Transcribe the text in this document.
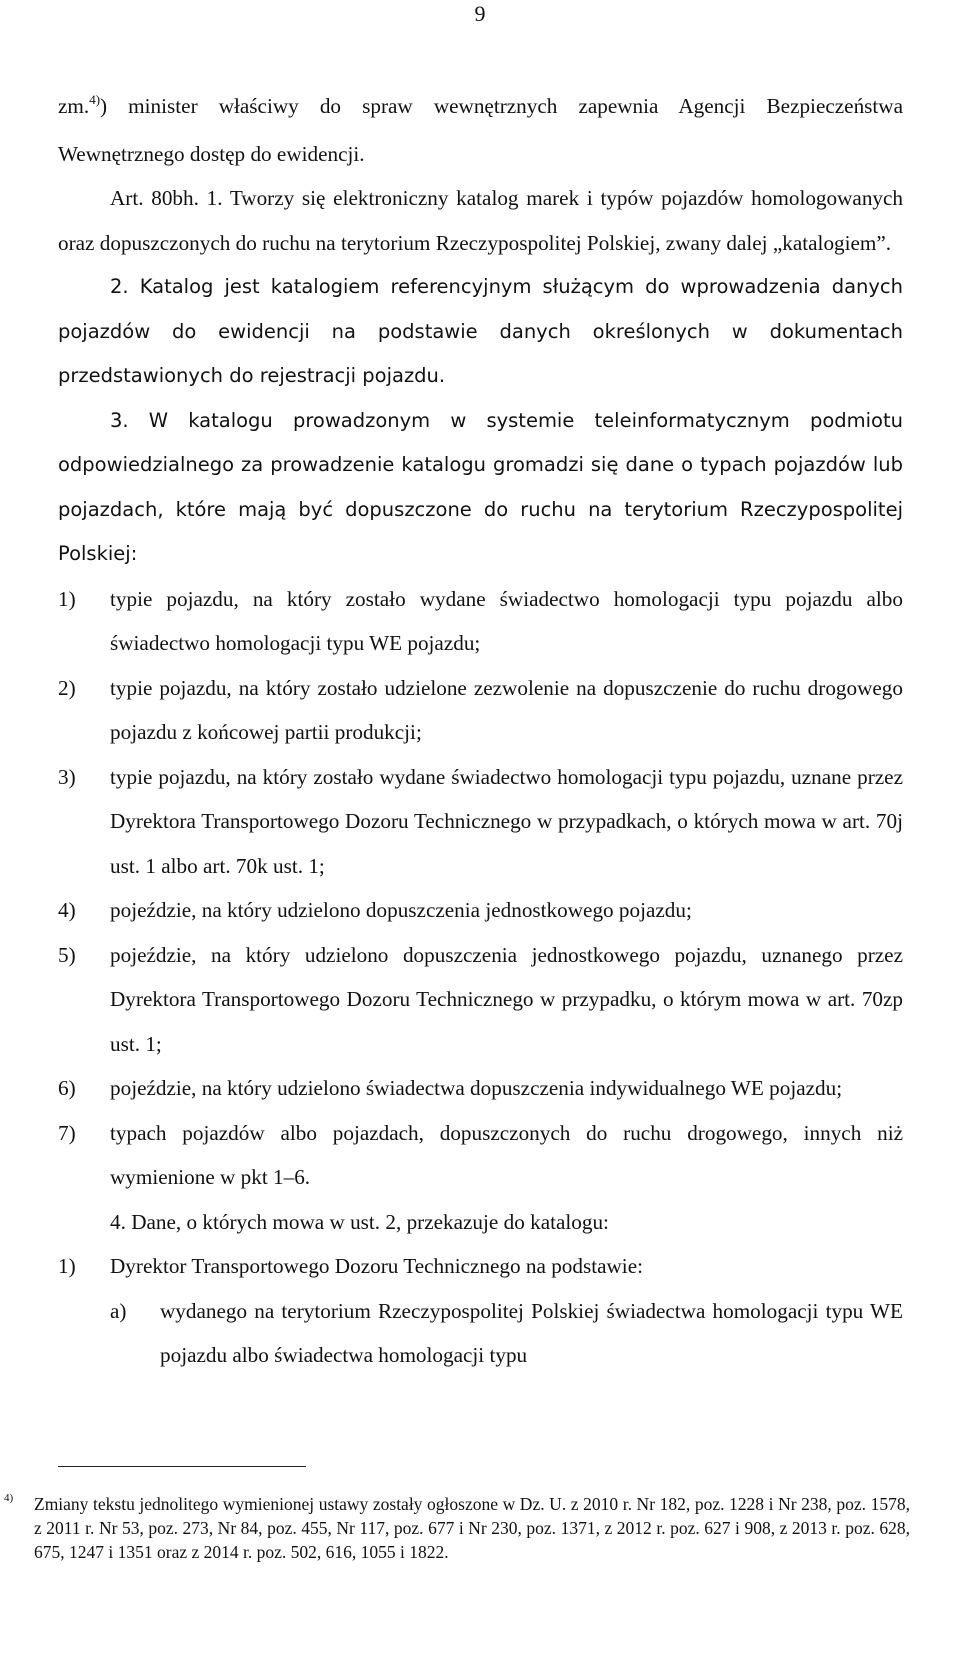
9

zm.$^{4)}$) minister właściwy do spraw wewnętrznych zapewnia Agencji Bezpieczeństwa Wewnętrznego dostęp do ewidencji.

Art. 80bh. 1. Tworzy się elektroniczny katalog marek i typów pojazdów homologowanych oraz dopuszczonych do ruchu na terytorium Rzeczypospolitej Polskiej, zwany dalej „katalogiem”.

2. Katalog jest katalogiem referencyjnym służącym do wprowadzenia danych pojazdów do ewidencji na podstawie danych określonych w dokumentach przedstawionych do rejestracji pojazdu.

3. W katalogu prowadzonym w systemie teleinformatycznym podmiotu odpowiedzialnego za prowadzenie katalogu gromadzi się dane o typach pojazdów lub pojazdach, które mają być dopuszczone do ruchu na terytorium Rzeczypospolitej Polskiej:

1)	typie pojazdu, na który zostało wydane świadectwo homologacji typu pojazdu albo świadectwo homologacji typu WE pojazdu;
2)	typie pojazdu, na który zostało udzielone zezwolenie na dopuszczenie do ruchu drogowego pojazdu z końcowej partii produkcji;
3)	typie pojazdu, na który zostało wydane świadectwo homologacji typu pojazdu, uznane przez Dyrektora Transportowego Dozoru Technicznego w przypadkach, o których mowa w art. 70j ust. 1 albo art. 70k ust. 1;
4)	pojeździe, na który udzielono dopuszczenia jednostkowego pojazdu;
5)	pojeździe, na który udzielono dopuszczenia jednostkowego pojazdu, uznanego przez Dyrektora Transportowego Dozoru Technicznego w przypadku, o którym mowa w art. 70zp ust. 1;
6)	pojeździe, na który udzielono świadectwa dopuszczenia indywidualnego WE pojazdu;
7)	typach pojazdów albo pojazdach, dopuszczonych do ruchu drogowego, innych niż wymienione w pkt 1–6.

4. Dane, o których mowa w ust. 2, przekazuje do katalogu:

1)	Dyrektor Transportowego Dozoru Technicznego na podstawie:
a)	wydanego na terytorium Rzeczypospolitej Polskiej świadectwa homologacji typu WE pojazdu albo świadectwa homologacji typu
4) Zmiany tekstu jednolitego wymienionej ustawy zostały ogłoszone w Dz. U. z 2010 r. Nr 182, poz. 1228 i Nr 238, poz. 1578, z 2011 r. Nr 53, poz. 273, Nr 84, poz. 455, Nr 117, poz. 677 i Nr 230, poz. 1371, z 2012 r. poz. 627 i 908, z 2013 r. poz. 628, 675, 1247 i 1351 oraz z 2014 r. poz. 502, 616, 1055 i 1822.
